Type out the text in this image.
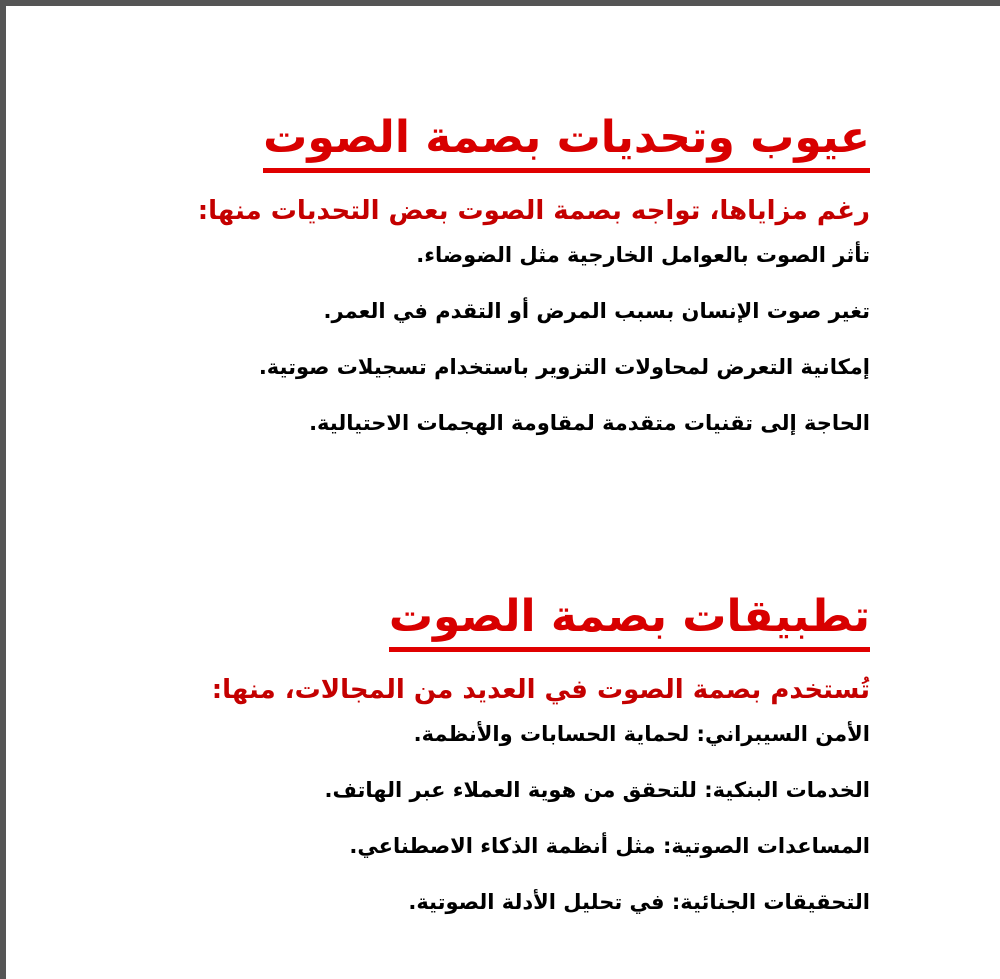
عيوب وتحديات بصمة الصوت
رغم مزاياها، تواجه بصمة الصوت بعض التحديات منها:
تأثر الصوت بالعوامل الخارجية مثل الضوضاء.
تغير صوت الإنسان بسبب المرض أو التقدم في العمر.
إمكانية التعرض لمحاولات التزوير باستخدام تسجيلات صوتية.
الحاجة إلى تقنيات متقدمة لمقاومة الهجمات الاحتيالية.
تطبيقات بصمة الصوت
تُستخدم بصمة الصوت في العديد من المجالات، منها:
الأمن السيبراني: لحماية الحسابات والأنظمة.
الخدمات البنكية: للتحقق من هوية العملاء عبر الهاتف.
المساعدات الصوتية: مثل أنظمة الذكاء الاصطناعي.
التحقيقات الجنائية: في تحليل الأدلة الصوتية.
